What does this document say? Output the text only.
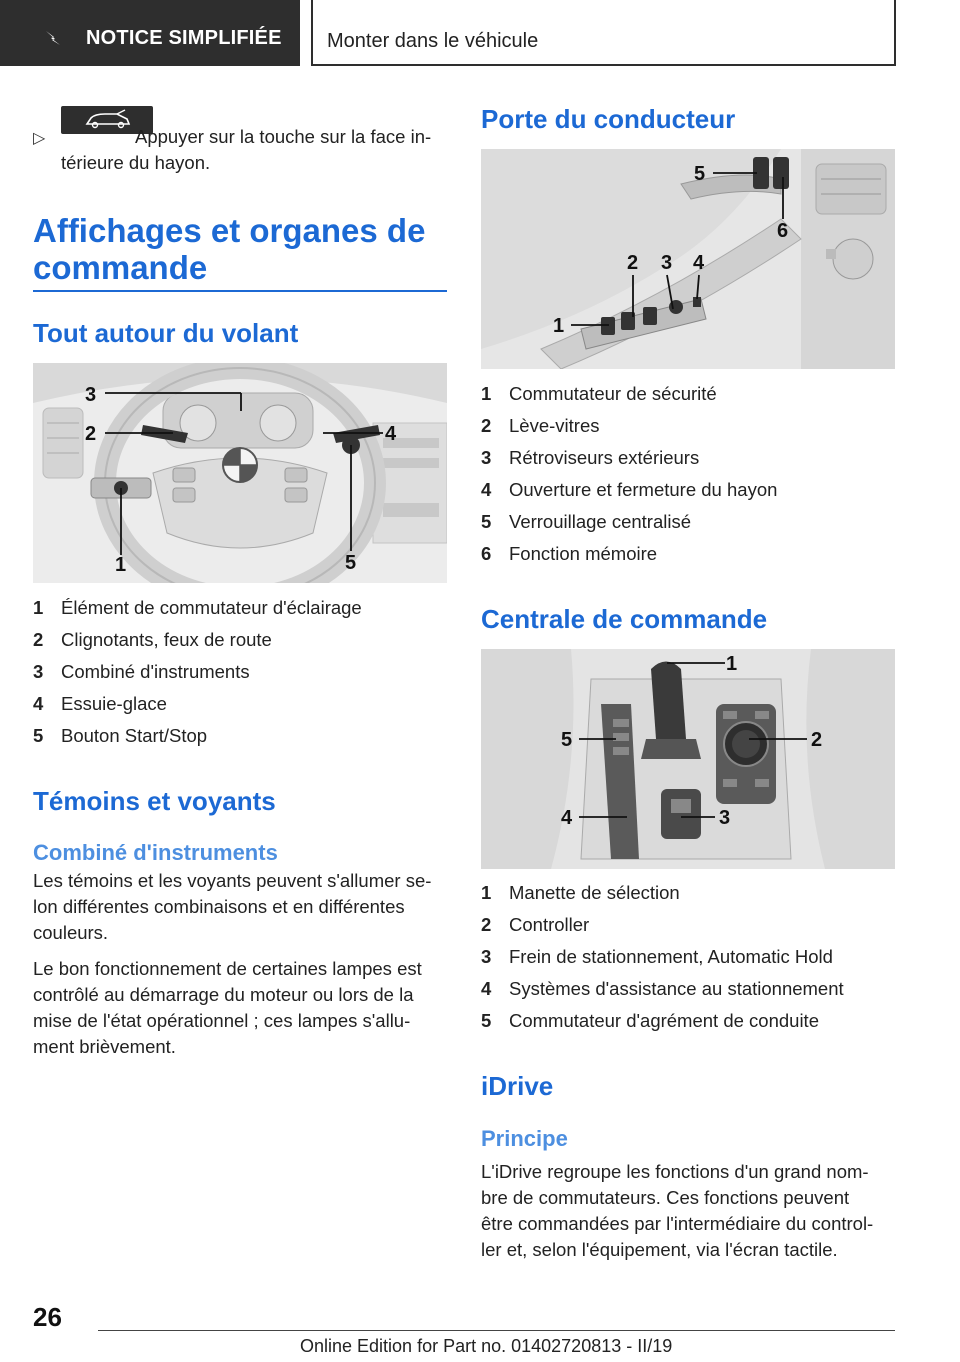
NOTICE SIMPLIFIÉE Monter dans le véhicule
▷	Appuyer sur la touche sur la face in-
térieure du hayon.
Affichages et organes de
commande
Tout autour du volant
1
2
3
4
5
1 Élément de commutateur d'éclairage
2 Clignotants, feux de route
3 Combiné d'instruments
4 Essuie-glace
5 Bouton Start/Stop
Témoins et voyants
Combiné d'instruments
Les témoins et les voyants peuvent s'allumer se-
lon différentes combinaisons et en différentes
couleurs.
Le bon fonctionnement de certaines lampes est
contrôlé au démarrage du moteur ou lors de la
mise de l'état opérationnel ; ces lampes s'allu-
ment brièvement.
Porte du conducteur
1
2 3 4
5
6
1 Commutateur de sécurité
2 Lève-vitres
3 Rétroviseurs extérieurs
4 Ouverture et fermeture du hayon
5 Verrouillage centralisé
6 Fonction mémoire
Centrale de commande
1
2
3
4
5
1 Manette de sélection
2 Controller
3 Frein de stationnement, Automatic Hold
4 Systèmes d'assistance au stationnement
5 Commutateur d'agrément de conduite
iDrive
Principe
L'iDrive regroupe les fonctions d'un grand nom-
bre de commutateurs. Ces fonctions peuvent
être commandées par l'intermédiaire du control-
ler et, selon l'équipement, via l'écran tactile.
26
Online Edition for Part no. 01402720813 - II/19
